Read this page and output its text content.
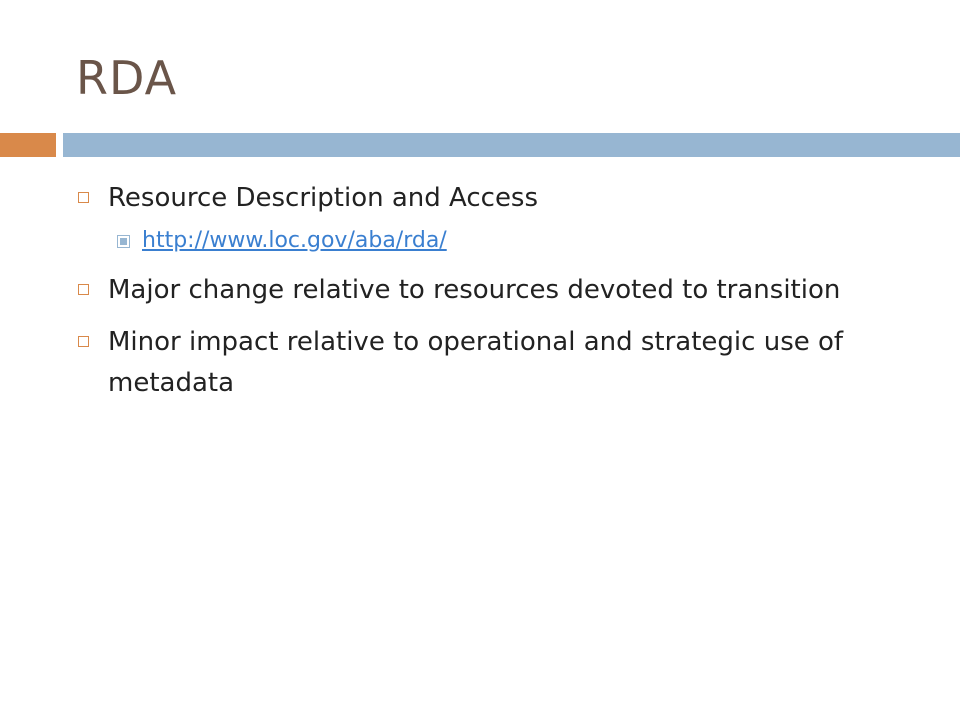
RDA
Resource Description and Access
http://www.loc.gov/aba/rda/
Major change relative to resources devoted to transition
Minor impact relative to operational and strategic use of metadata
